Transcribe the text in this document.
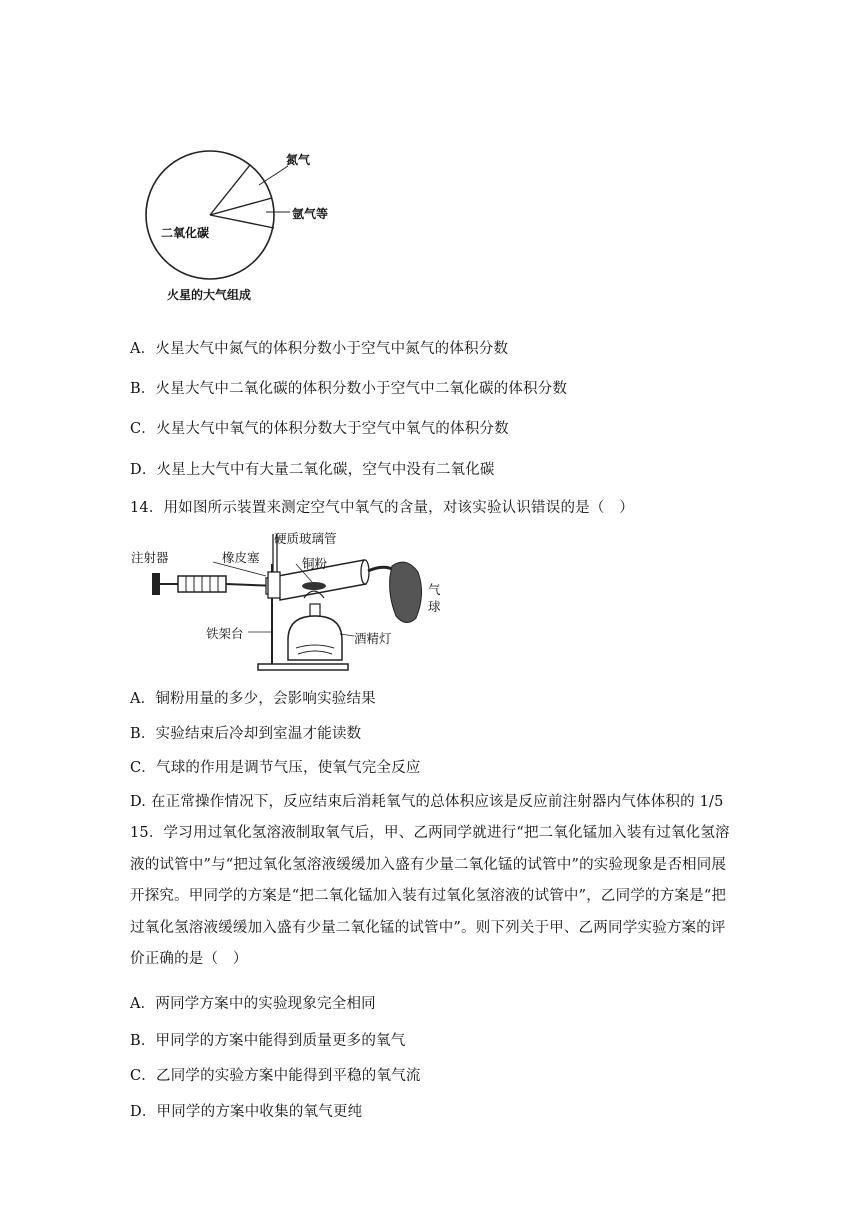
氮气
氩气等
二氧化碳
火星的大气组成
A．火星大气中氮气的体积分数小于空气中氮气的体积分数
B．火星大气中二氧化碳的体积分数小于空气中二氧化碳的体积分数
C．火星大气中氧气的体积分数大于空气中氧气的体积分数
D．火星上大气中有大量二氧化碳，空气中没有二氧化碳
14．用如图所示装置来测定空气中氧气的含量，对该实验认识错误的是（　）
注射器	橡皮塞
硬质玻璃管
铜粉
气
球
铁架台	酒精灯
A．铜粉用量的多少，会影响实验结果
B．实验结束后冷却到室温才能读数
C．气球的作用是调节气压，使氧气完全反应
D. 在正常操作情况下，反应结束后消耗氧气的总体积应该是反应前注射器内气体体积的 1/5
15．学习用过氧化氢溶液制取氧气后，甲、乙两同学就进行“把二氧化锰加入装有过氧化氢溶液的试管中”与“把过氧化氢溶液缓缓加入盛有少量二氧化锰的试管中”的实验现象是否相同展开探究。甲同学的方案是“把二氧化锰加入装有过氧化氢溶液的试管中”，乙同学的方案是“把过氧化氢溶液缓缓加入盛有少量二氧化锰的试管中”。则下列关于甲、乙两同学实验方案的评价正确的是（　）
A．两同学方案中的实验现象完全相同
B．甲同学的方案中能得到质量更多的氧气
C．乙同学的实验方案中能得到平稳的氧气流
D．甲同学的方案中收集的氧气更纯
